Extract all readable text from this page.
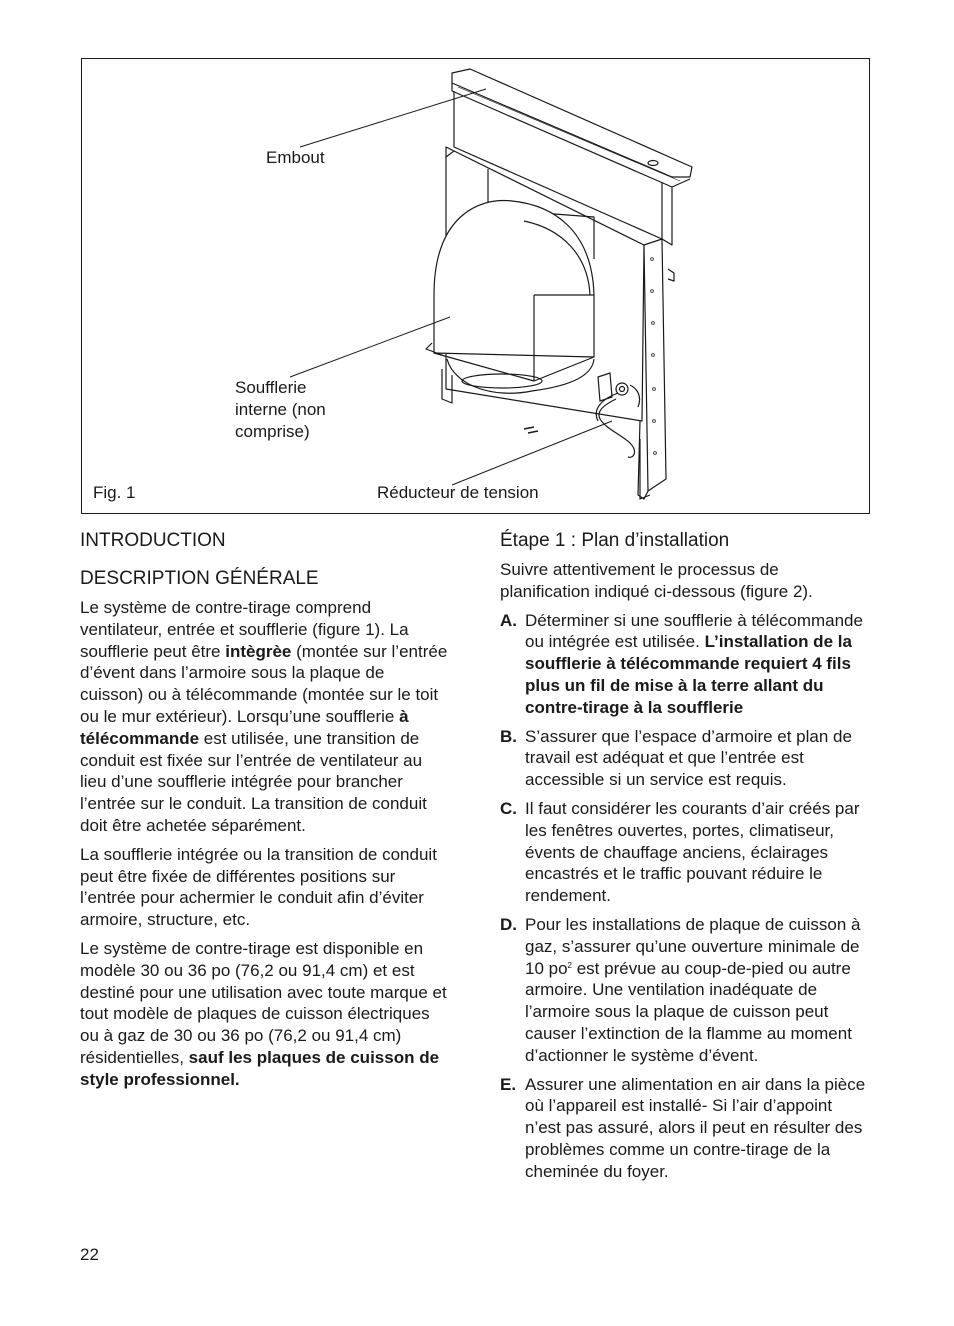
Embout
Soufflerie
interne (non
comprise)
Réducteur de tension
Fig. 1
INTRODUCTION
DESCRIPTION GÉNÉRALE

Le système de contre-tirage comprend ventilateur, entrée et soufflerie (figure 1). La soufflerie peut être intègrèe (montée sur l’entrée d’évent dans l’armoire sous la plaque de cuisson) ou à télécommande (montée sur le toit ou le mur extérieur). Lorsqu’une soufflerie à télécommande est utilisée, une transition de conduit est fixée sur l’entrée de ventilateur au lieu d’une soufflerie intégrée pour brancher l’entrée sur le conduit. La transition de conduit doit être achetée séparément.

La soufflerie intégrée ou la transition de conduit peut être fixée de différentes positions sur l’entrée pour achermier le conduit afin d’éviter armoire, structure, etc.

Le système de contre-tirage est disponible en modèle 30 ou 36 po (76,2 ou 91,4 cm) et est destiné pour une utilisation avec toute marque et tout modèle de plaques de cuisson électriques ou à gaz de 30 ou 36 po (76,2 ou 91,4 cm) résidentielles, sauf les plaques de cuisson de style professionnel.

Étape 1 : Plan d’installation

Suivre attentivement le processus de planification indiqué ci-dessous (figure 2).

A. Déterminer si une soufflerie à télécommande ou intégrée est utilisée. L’installation de la soufflerie à télécommande requiert 4 fils plus un fil de mise à la terre allant du contre-tirage à la soufflerie
B. S’assurer que l’espace d’armoire et plan de travail est adéquat et que l’entrée est accessible si un service est requis.
C. Il faut considérer les courants d’air créés par les fenêtres ouvertes, portes, climatiseur, évents de chauffage anciens, éclairages encastrés et le traffic pouvant réduire le rendement.
D. Pour les installations de plaque de cuisson à gaz, s’assurer qu’une ouverture minimale de 10 $po^2$ est prévue au coup-de-pied ou autre armoire. Une ventilation inadéquate de l’armoire sous la plaque de cuisson peut causer l’extinction de la flamme au moment d’actionner le système d’évent.
E. Assurer une alimentation en air dans la pièce où l’appareil est installé- Si l’air d’appoint n’est pas assuré, alors il peut en résulter des problèmes comme un contre-tirage de la cheminée du foyer.
22
